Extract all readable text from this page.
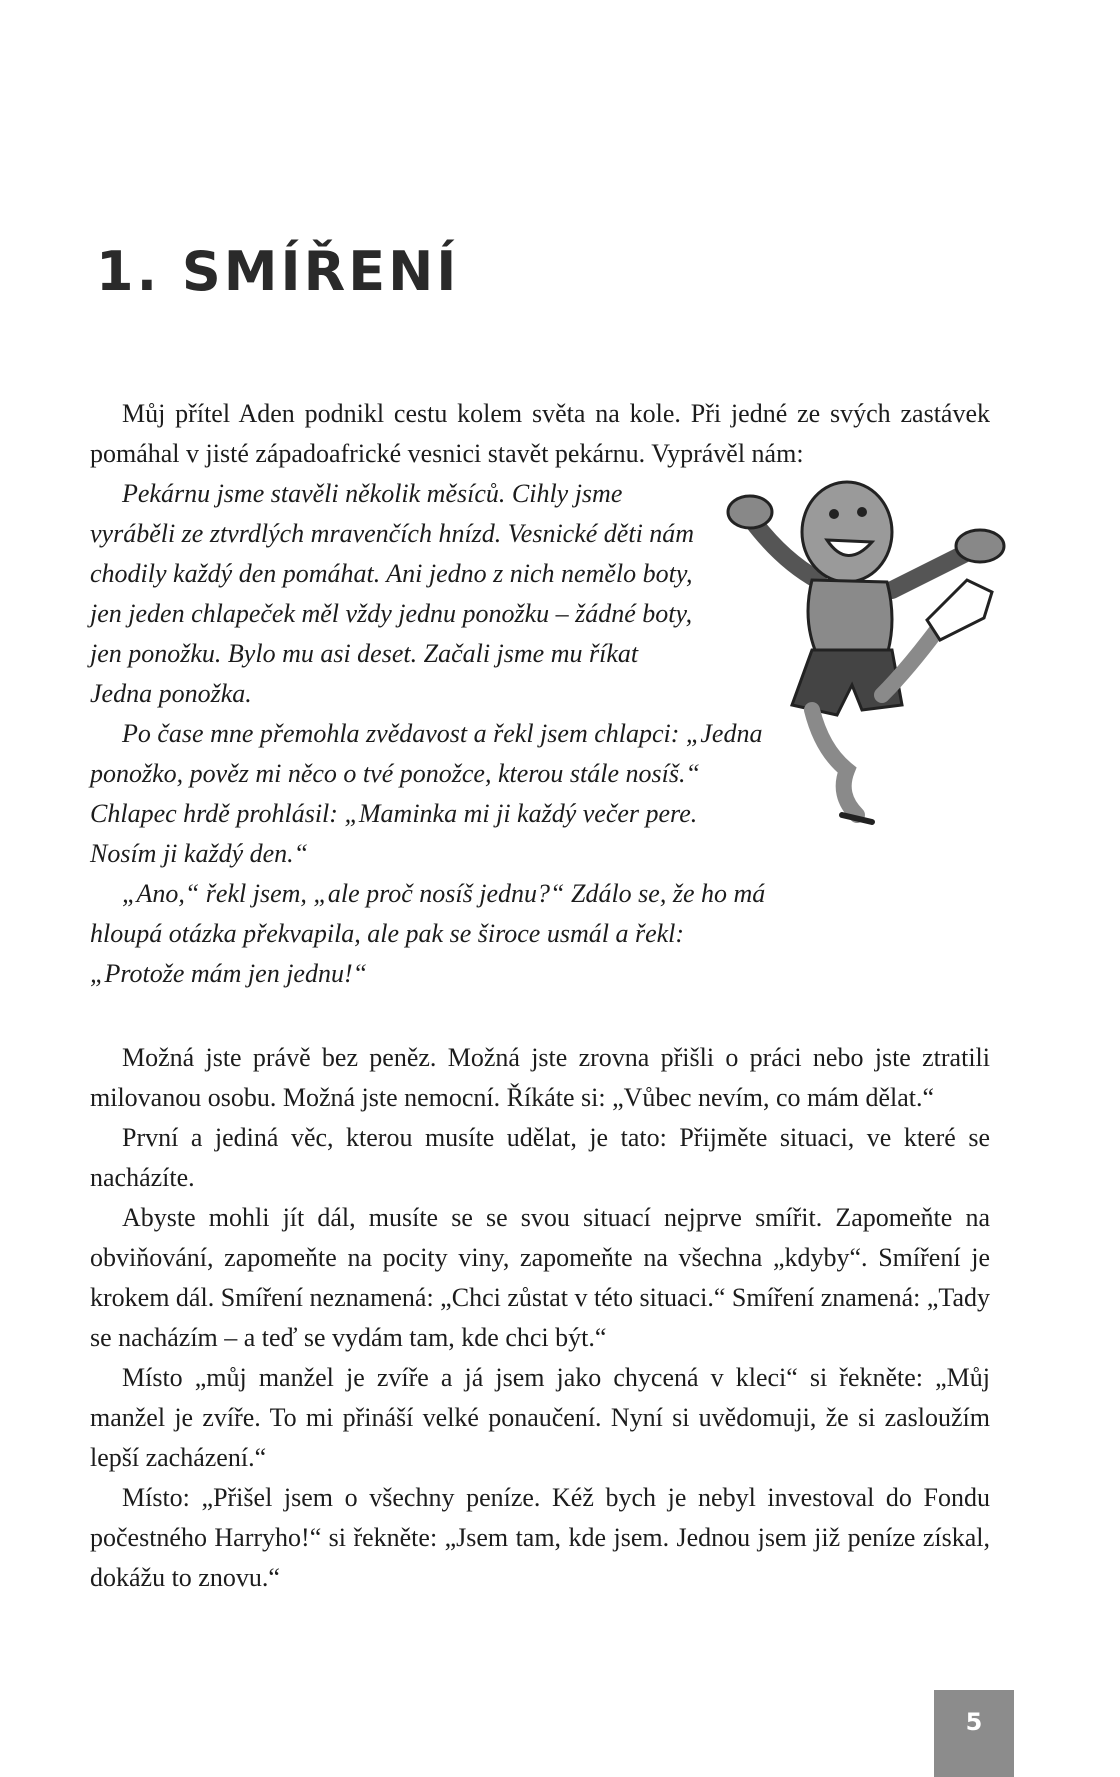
1. SMÍŘENÍ

Můj přítel Aden podnikl cestu kolem světa na kole. Při jedné ze svých zastávek pomáhal v jisté západoafrické vesnici stavět pekárnu. Vyprávěl nám:

Pekárnu jsme stavěli několik měsíců. Cihly jsme vyráběli ze ztvrdlých mravenčích hnízd. Vesnické děti nám chodily každý den pomáhat. Ani jedno z nich nemělo boty, jen jeden chlapeček měl vždy jednu ponožku – žádné boty, jen ponožku. Bylo mu asi deset. Začali jsme mu říkat Jedna ponožka.

Po čase mne přemohla zvědavost a řekl jsem chlapci: „Jedna ponožko, pověz mi něco o tvé ponožce, kterou stále nosíš.“ Chlapec hrdě prohlásil: „Maminka mi ji každý večer pere. Nosím ji každý den.“

„Ano,“ řekl jsem, „ale proč nosíš jednu?“ Zdálo se, že ho má hloupá otázka překvapila, ale pak se široce usmál a řekl: „Protože mám jen jednu!“

Možná jste právě bez peněz. Možná jste zrovna přišli o práci nebo jste ztratili milovanou osobu. Možná jste nemocní. Říkáte si: „Vůbec nevím, co mám dělat.“

První a jediná věc, kterou musíte udělat, je tato: Přijměte situaci, ve které se nacházíte.

Abyste mohli jít dál, musíte se se svou situací nejprve smířit. Zapomeňte na obviňování, zapomeňte na pocity viny, zapomeňte na všechna „kdyby“. Smíření je krokem dál. Smíření neznamená: „Chci zůstat v této situaci.“ Smíření znamená: „Tady se nacházím – a teď se vydám tam, kde chci být.“

Místo „můj manžel je zvíře a já jsem jako chycená v kleci“ si řekněte: „Můj manžel je zvíře. To mi přináší velké ponaučení. Nyní si uvědomuji, že si zasloužím lepší zacházení.“

Místo: „Přišel jsem o všechny peníze. Kéž bych je nebyl investoval do Fondu počestného Harryho!“ si řekněte: „Jsem tam, kde jsem. Jednou jsem již peníze získal, dokážu to znovu.“

5
